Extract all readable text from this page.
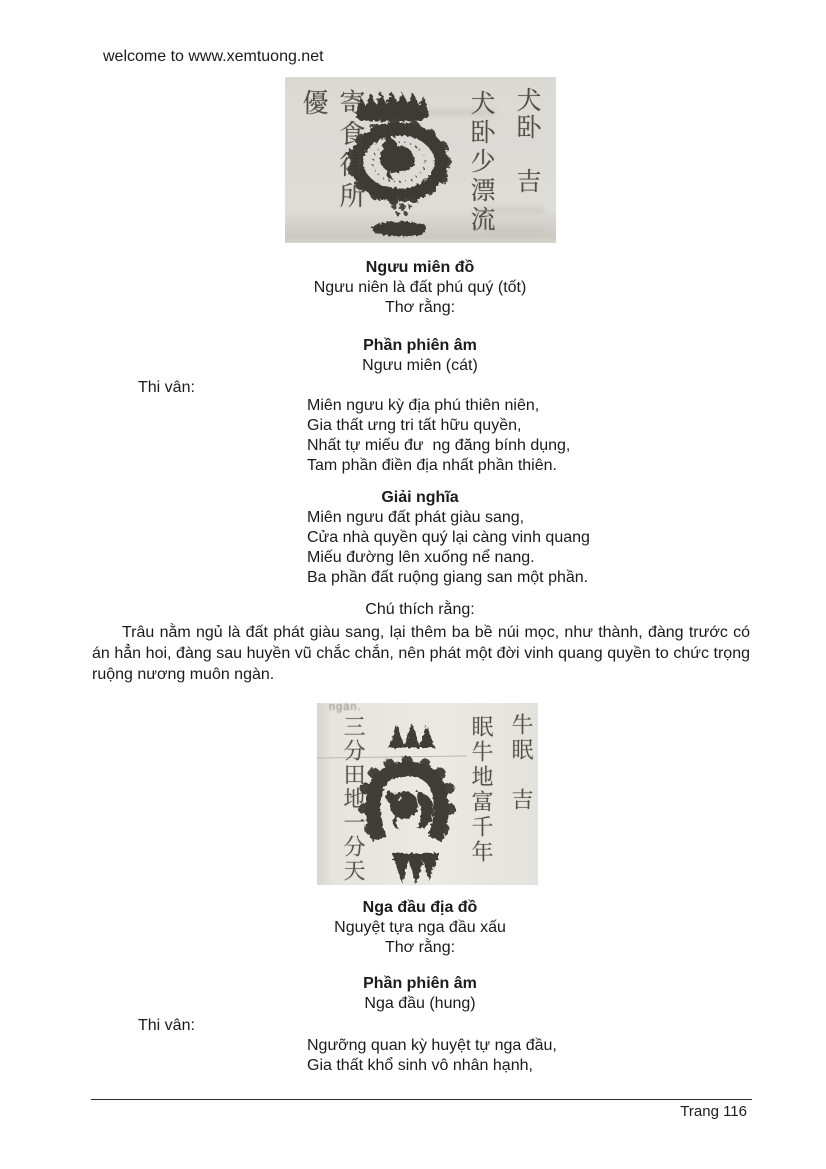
welcome to www.xemtuong.net
寄食得所優	犬卧少漂流 犬卧　吉
Ngưu miên đồ
Ngưu niên là đất phú quý (tốt)
Thơ rằng:
Phần phiên âm
Ngưu miên (cát)
Thi vân:
Miên ngưu kỳ địa phú thiên niên,
Gia thất ưng tri tất hữu quyền,
Nhất tự miếu đư  ng đăng bính dụng,
Tam phần điền địa nhất phần thiên.
Giải nghĩa
Miên ngưu đất phát giàu sang,
Cửa nhà quyền quý lại càng vinh quang
Miếu đường lên xuống nể nang.
Ba phần đất ruộng giang san một phần.
Chú thích rằng:
Trâu nằm ngủ là đất phát giàu sang, lại thêm ba bề núi mọc, như thành, đàng trước có án hẳn hoi, đàng sau huyền vũ chắc chắn, nên phát một đời vinh quang quyền to chức trọng ruộng nương muôn ngàn.
ngàn.
三分田地一分天	眠牛地富千年 牛眠　吉
Nga đầu địa đồ
Nguyệt tựa nga đầu xấu
Thơ rằng:
Phần phiên âm
Nga đầu (hung)
Thi vân:
Ngưỡng quan kỳ huyệt tự nga đầu,
Gia thất khổ sinh vô nhân hạnh,
Trang 116
